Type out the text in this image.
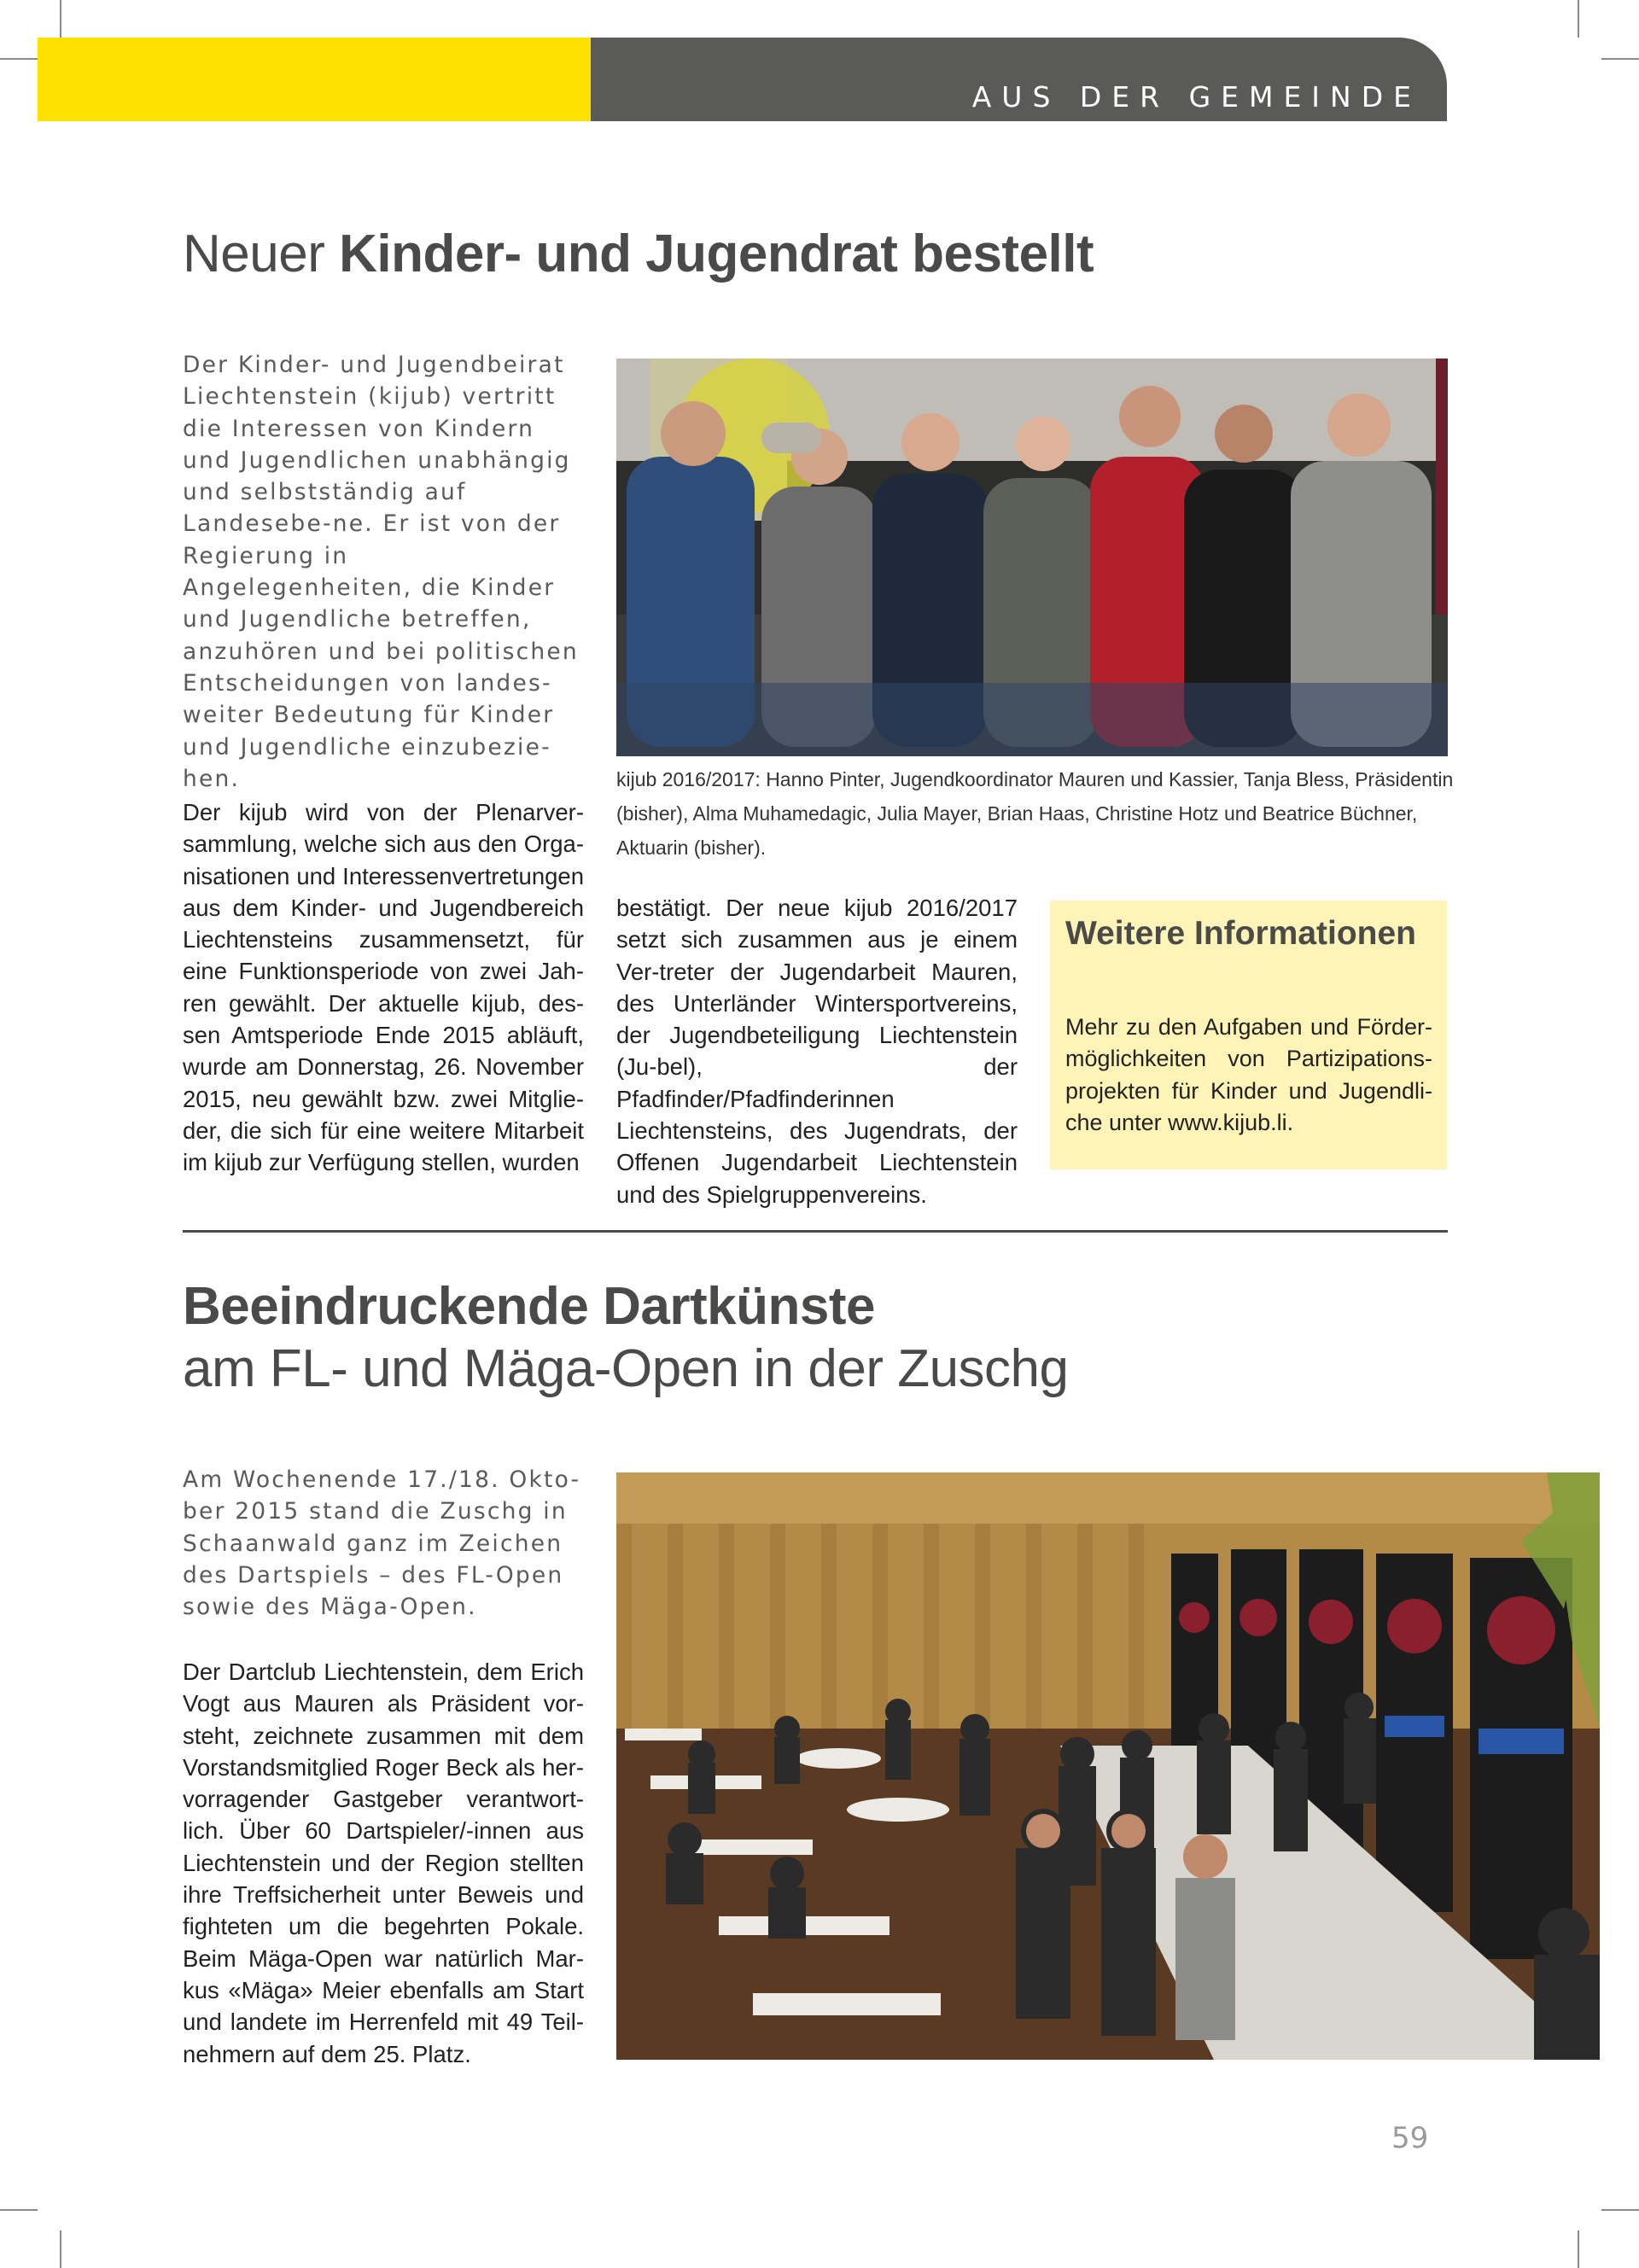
AUS DER GEMEINDE
Neuer Kinder- und Jugendrat bestellt

Der Kinder- und Jugendbeirat Liechtenstein (kijub) vertritt die Interessen von Kindern und Jugendlichen unabhängig und selbstständig auf Landesebe-ne. Er ist von der Regierung in Angelegenheiten, die Kinder und Jugendliche betreffen, anzuhören und bei politischen Entscheidungen von landes-weiter Bedeutung für Kinder und Jugendliche einzubezie-hen.

Der kijub wird von der Plenarver-sammlung, welche sich aus den Orga-nisationen und Interessenvertretungen aus dem Kinder- und Jugendbereich Liechtensteins zusammensetzt, für eine Funktionsperiode von zwei Jah-ren gewählt. Der aktuelle kijub, des-sen Amtsperiode Ende 2015 abläuft, wurde am Donnerstag, 26. November 2015, neu gewählt bzw. zwei Mitglie-der, die sich für eine weitere Mitarbeit im kijub zur Verfügung stellen, wurden

kijub 2016/2017: Hanno Pinter, Jugendkoordinator Mauren und Kassier, Tanja Bless, Präsidentin (bisher), Alma Muhamedagic, Julia Mayer, Brian Haas, Christine Hotz und Beatrice Büchner, Aktuarin (bisher).

bestätigt. Der neue kijub 2016/2017 setzt sich zusammen aus je einem Ver-treter der Jugendarbeit Mauren, des Unterländer Wintersportvereins, der Jugendbeteiligung Liechtenstein (Ju-bel), der Pfadfinder/Pfadfinderinnen Liechtensteins, des Jugendrats, der Offenen Jugendarbeit Liechtenstein und des Spielgruppenvereins.

Weitere Informationen

Mehr zu den Aufgaben und Förder-möglichkeiten von Partizipations-projekten für Kinder und Jugendli-che unter www.kijub.li.

Beeindruckende Dartkünste
am FL- und Mäga-Open in der Zuschg

Am Wochenende 17./18. Okto-ber 2015 stand die Zuschg in Schaanwald ganz im Zeichen des Dartspiels – des FL-Open sowie des Mäga-Open.

Der Dartclub Liechtenstein, dem Erich Vogt aus Mauren als Präsident vor-steht, zeichnete zusammen mit dem Vorstandsmitglied Roger Beck als her-vorragender Gastgeber verantwort-lich. Über 60 Dartspieler/-innen aus Liechtenstein und der Region stellten ihre Treffsicherheit unter Beweis und fighteten um die begehrten Pokale. Beim Mäga-Open war natürlich Mar-kus «Mäga» Meier ebenfalls am Start und landete im Herrenfeld mit 49 Teil-nehmern auf dem 25. Platz.

59
